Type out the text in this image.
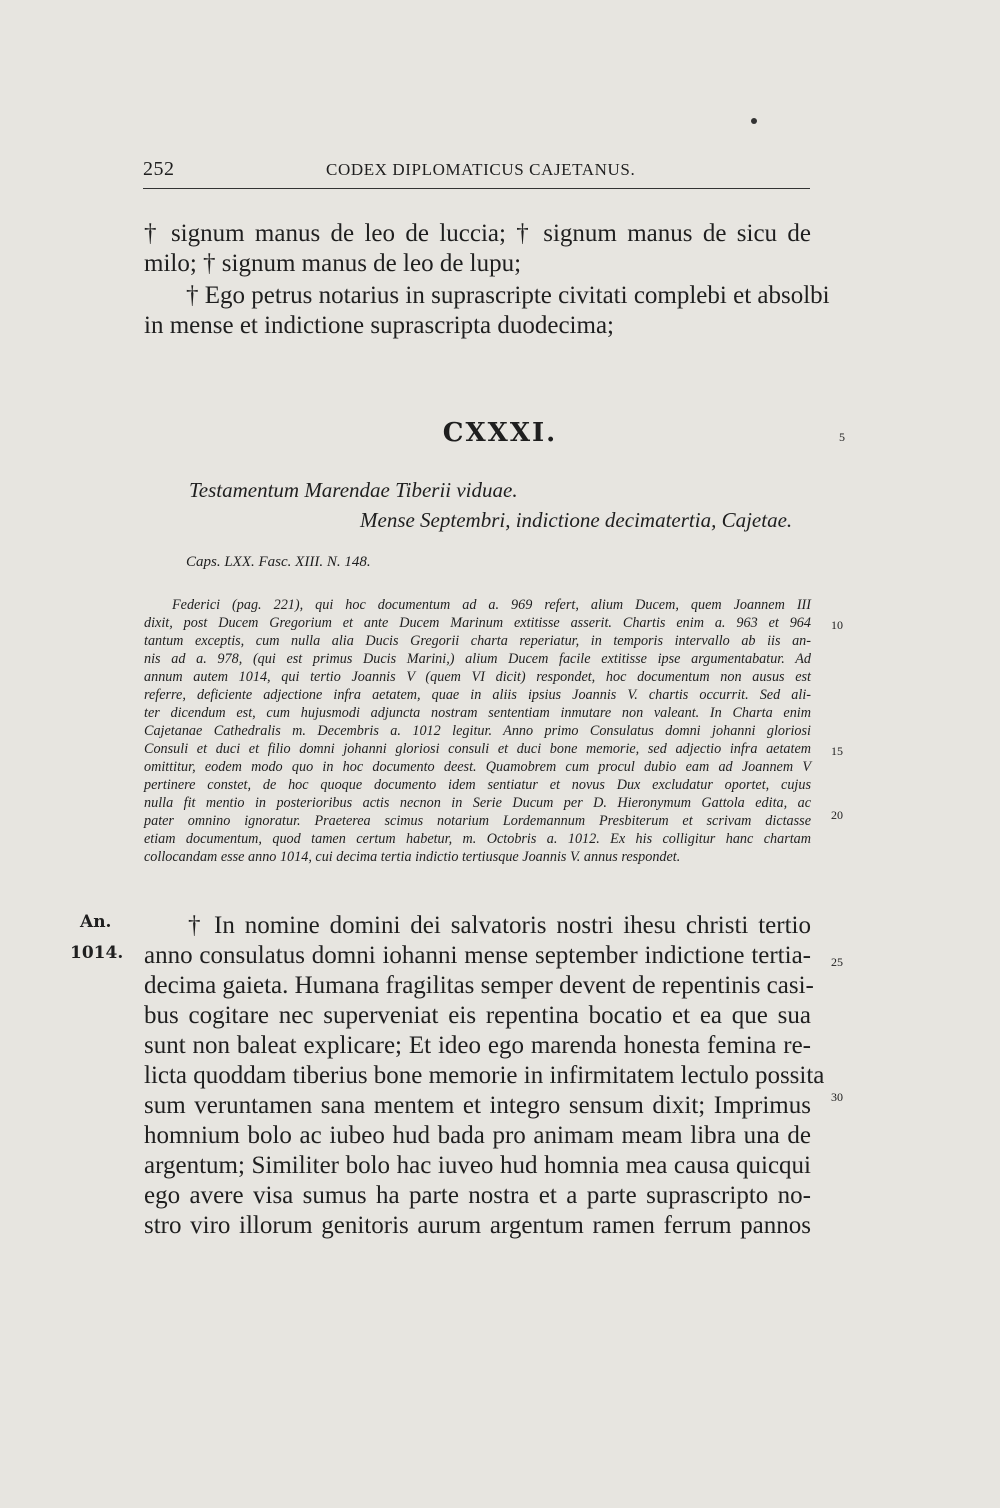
252	CODEX DIPLOMATICUS CAJETANUS.
† signum manus de leo de luccia; † signum manus de sicu de
milo; † signum manus de leo de lupu;
† Ego petrus notarius in suprascripte civitati complebi et absolbi
in mense et indictione suprascripta duodecima;
CXXXI.
Testamentum Marendae Tiberii viduae.
Mense Septembri, indictione decimatertia, Cajetae.
Caps. LXX. Fasc. XIII. N. 148.
Federici (pag. 221), qui hoc documentum ad a. 969 refert, alium Ducem, quem Joannem III
dixit, post Ducem Gregorium et ante Ducem Marinum extitisse asserit. Chartis enim a. 963 et 964
tantum exceptis, cum nulla alia Ducis Gregorii charta reperiatur, in temporis intervallo ab iis an-
nis ad a. 978, (qui est primus Ducis Marini,) alium Ducem facile extitisse ipse argumentabatur. Ad
annum autem 1014, qui tertio Joannis V (quem VI dicit) respondet, hoc documentum non ausus est
referre, deficiente adjectione infra aetatem, quae in aliis ipsius Joannis V. chartis occurrit. Sed ali-
ter dicendum est, cum hujusmodi adjuncta nostram sententiam inmutare non valeant. In Charta enim
Cajetanae Cathedralis m. Decembris a. 1012 legitur. Anno primo Consulatus domni johanni gloriosi
Consuli et duci et filio domni johanni gloriosi consuli et duci bone memorie, sed adjectio infra aetatem
omittitur, eodem modo quo in hoc documento deest. Quamobrem cum procul dubio eam ad Joannem V
pertinere constet, de hoc quoque documento idem sentiatur et novus Dux excludatur oportet, cujus
nulla fit mentio in posterioribus actis necnon in Serie Ducum per D. Hieronymum Gattola edita, ac
pater omnino ignoratur. Praeterea scimus notarium Lordemannum Presbiterum et scrivam dictasse
etiam documentum, quod tamen certum habetur, m. Octobris a. 1012. Ex his colligitur hanc chartam
collocandam esse anno 1014, cui decima tertia indictio tertiusque Joannis V. annus respondet.
An.
1014.
† In nomine domini dei salvatoris nostri ihesu christi tertio
anno consulatus domni iohanni mense september indictione tertia-
decima gaieta. Humana fragilitas semper devent de repentinis casi-
bus cogitare nec superveniat eis repentina bocatio et ea que sua
sunt non baleat explicare; Et ideo ego marenda honesta femina re-
licta quoddam tiberius bone memorie in infirmitatem lectulo possita
sum veruntamen sana mentem et integro sensum dixit; Imprimus
homnium bolo ac iubeo hud bada pro animam meam libra una de
argentum; Similiter bolo hac iuveo hud homnia mea causa quicqui
ego avere visa sumus ha parte nostra et a parte suprascripto no-
stro viro illorum genitoris aurum argentum ramen ferrum pannos
5
10
15
20
25
30
